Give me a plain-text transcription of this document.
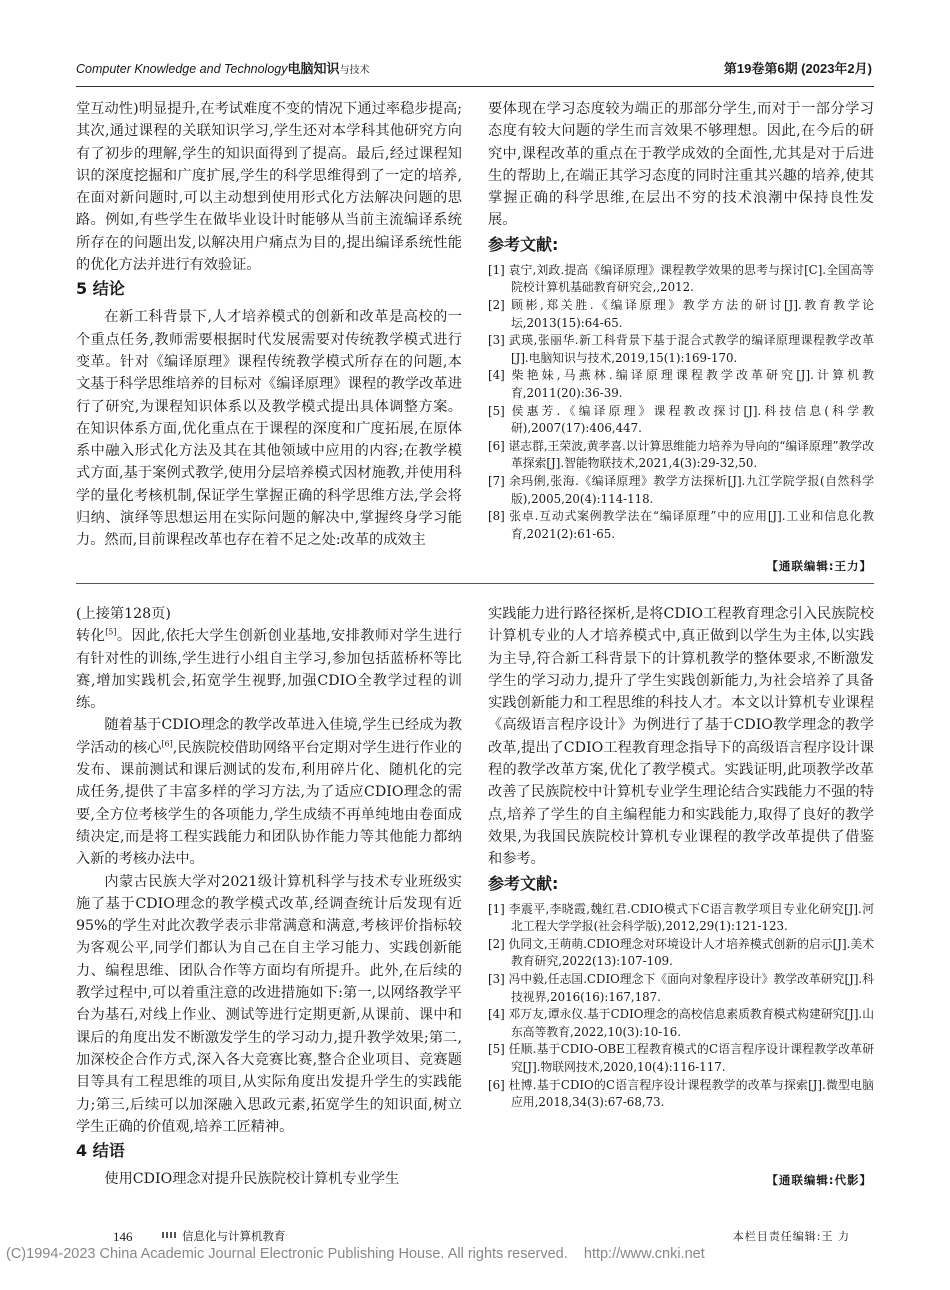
Computer Knowledge and Technology电脑知识与技术	第19卷第6期 (2023年2月)

堂互动性)明显提升,在考试难度不变的情况下通过率稳步提高;其次,通过课程的关联知识学习,学生还对本学科其他研究方向有了初步的理解,学生的知识面得到了提高。最后,经过课程知识的深度挖掘和广度扩展,学生的科学思维得到了一定的培养,在面对新问题时,可以主动想到使用形式化方法解决问题的思路。例如,有些学生在做毕业设计时能够从当前主流编译系统所存在的问题出发,以解决用户痛点为目的,提出编译系统性能的优化方法并进行有效验证。

5 结论

在新工科背景下,人才培养模式的创新和改革是高校的一个重点任务,教师需要根据时代发展需要对传统教学模式进行变革。针对《编译原理》课程传统教学模式所存在的问题,本文基于科学思维培养的目标对《编译原理》课程的教学改革进行了研究,为课程知识体系以及教学模式提出具体调整方案。在知识体系方面,优化重点在于课程的深度和广度拓展,在原体系中融入形式化方法及其在其他领域中应用的内容;在教学模式方面,基于案例式教学,使用分层培养模式因材施教,并使用科学的量化考核机制,保证学生掌握正确的科学思维方法,学会将归纳、演绎等思想运用在实际问题的解决中,掌握终身学习能力。然而,目前课程改革也存在着不足之处:改革的成效主

要体现在学习态度较为端正的那部分学生,而对于一部分学习态度有较大问题的学生而言效果不够理想。因此,在今后的研究中,课程改革的重点在于教学成效的全面性,尤其是对于后进生的帮助上,在端正其学习态度的同时注重其兴趣的培养,使其掌握正确的科学思维,在层出不穷的技术浪潮中保持良性发展。

参考文献:
[1] 袁宁,刘政.提高《编译原理》课程教学效果的思考与探讨[C].全国高等院校计算机基础教育研究会,,2012.
[2] 顾彬,郑关胜.《编译原理》教学方法的研讨[J].教育教学论坛,2013(15):64-65.
[3] 武瑛,张丽华.新工科背景下基于混合式教学的编译原理课程教学改革[J].电脑知识与技术,2019,15(1):169-170.
[4] 柴艳妹,马燕林.编译原理课程教学改革研究[J].计算机教育,2011(20):36-39.
[5] 侯惠芳.《编译原理》课程教改探讨[J].科技信息(科学教研),2007(17):406,447.
[6] 谌志群,王荣波,黄孝喜.以计算思维能力培养为导向的“编译原理”教学改革探索[J].智能物联技术,2021,4(3):29-32,50.
[7] 余玛俐,张海.《编译原理》教学方法探析[J].九江学院学报(自然科学版),2005,20(4):114-118.
[8] 张卓.互动式案例教学法在“编译原理”中的应用[J].工业和信息化教育,2021(2):61-65.
【通联编辑:王力】

(上接第128页)

转化[5]。因此,依托大学生创新创业基地,安排教师对学生进行有针对性的训练,学生进行小组自主学习,参加包括蓝桥杯等比赛,增加实践机会,拓宽学生视野,加强CDIO全教学过程的训练。

随着基于CDIO理念的教学改革进入佳境,学生已经成为教学活动的核心[6],民族院校借助网络平台定期对学生进行作业的发布、课前测试和课后测试的发布,利用碎片化、随机化的完成任务,提供了丰富多样的学习方法,为了适应CDIO理念的需要,全方位考核学生的各项能力,学生成绩不再单纯地由卷面成绩决定,而是将工程实践能力和团队协作能力等其他能力都纳入新的考核办法中。

内蒙古民族大学对2021级计算机科学与技术专业班级实施了基于CDIO理念的教学模式改革,经调查统计后发现有近95%的学生对此次教学表示非常满意和满意,考核评价指标较为客观公平,同学们都认为自己在自主学习能力、实践创新能力、编程思维、团队合作等方面均有所提升。此外,在后续的教学过程中,可以着重注意的改进措施如下:第一,以网络教学平台为基石,对线上作业、测试等进行定期更新,从课前、课中和课后的角度出发不断激发学生的学习动力,提升教学效果;第二,加深校企合作方式,深入各大竞赛比赛,整合企业项目、竞赛题目等具有工程思维的项目,从实际角度出发提升学生的实践能力;第三,后续可以加深融入思政元素,拓宽学生的知识面,树立学生正确的价值观,培养工匠精神。

4 结语

使用CDIO理念对提升民族院校计算机专业学生

实践能力进行路径探析,是将CDIO工程教育理念引入民族院校计算机专业的人才培养模式中,真正做到以学生为主体,以实践为主导,符合新工科背景下的计算机教学的整体要求,不断激发学生的学习动力,提升了学生实践创新能力,为社会培养了具备实践创新能力和工程思维的科技人才。本文以计算机专业课程《高级语言程序设计》为例进行了基于CDIO教学理念的教学改革,提出了CDIO工程教育理念指导下的高级语言程序设计课程的教学改革方案,优化了教学模式。实践证明,此项教学改革改善了民族院校中计算机专业学生理论结合实践能力不强的特点,培养了学生的自主编程能力和实践能力,取得了良好的教学效果,为我国民族院校计算机专业课程的教学改革提供了借鉴和参考。

参考文献:
[1] 李震平,李晓霞,魏红君.CDIO模式下C语言教学项目专业化研究[J].河北工程大学学报(社会科学版),2012,29(1):121-123.
[2] 仇同文,王萌萌.CDIO理念对环境设计人才培养模式创新的启示[J].美术教育研究,2022(13):107-109.
[3] 冯中毅,任志国.CDIO理念下《面向对象程序设计》教学改革研究[J].科技视界,2016(16):167,187.
[4] 邓万友,谭永仪.基于CDIO理念的高校信息素质教育模式构建研究[J].山东高等教育,2022,10(3):10-16.
[5] 任顺.基于CDIO-OBE工程教育模式的C语言程序设计课程教学改革研究[J].物联网技术,2020,10(4):116-117.
[6] 杜博.基于CDIO的C语言程序设计课程教学的改革与探索[J].微型电脑应用,2018,34(3):67-68,73.
【通联编辑:代影】
146	信息化与计算机教育	本栏目责任编辑:王 力
(C)1994-2023 China Academic Journal Electronic Publishing House. All rights reserved.    http://www.cnki.net
